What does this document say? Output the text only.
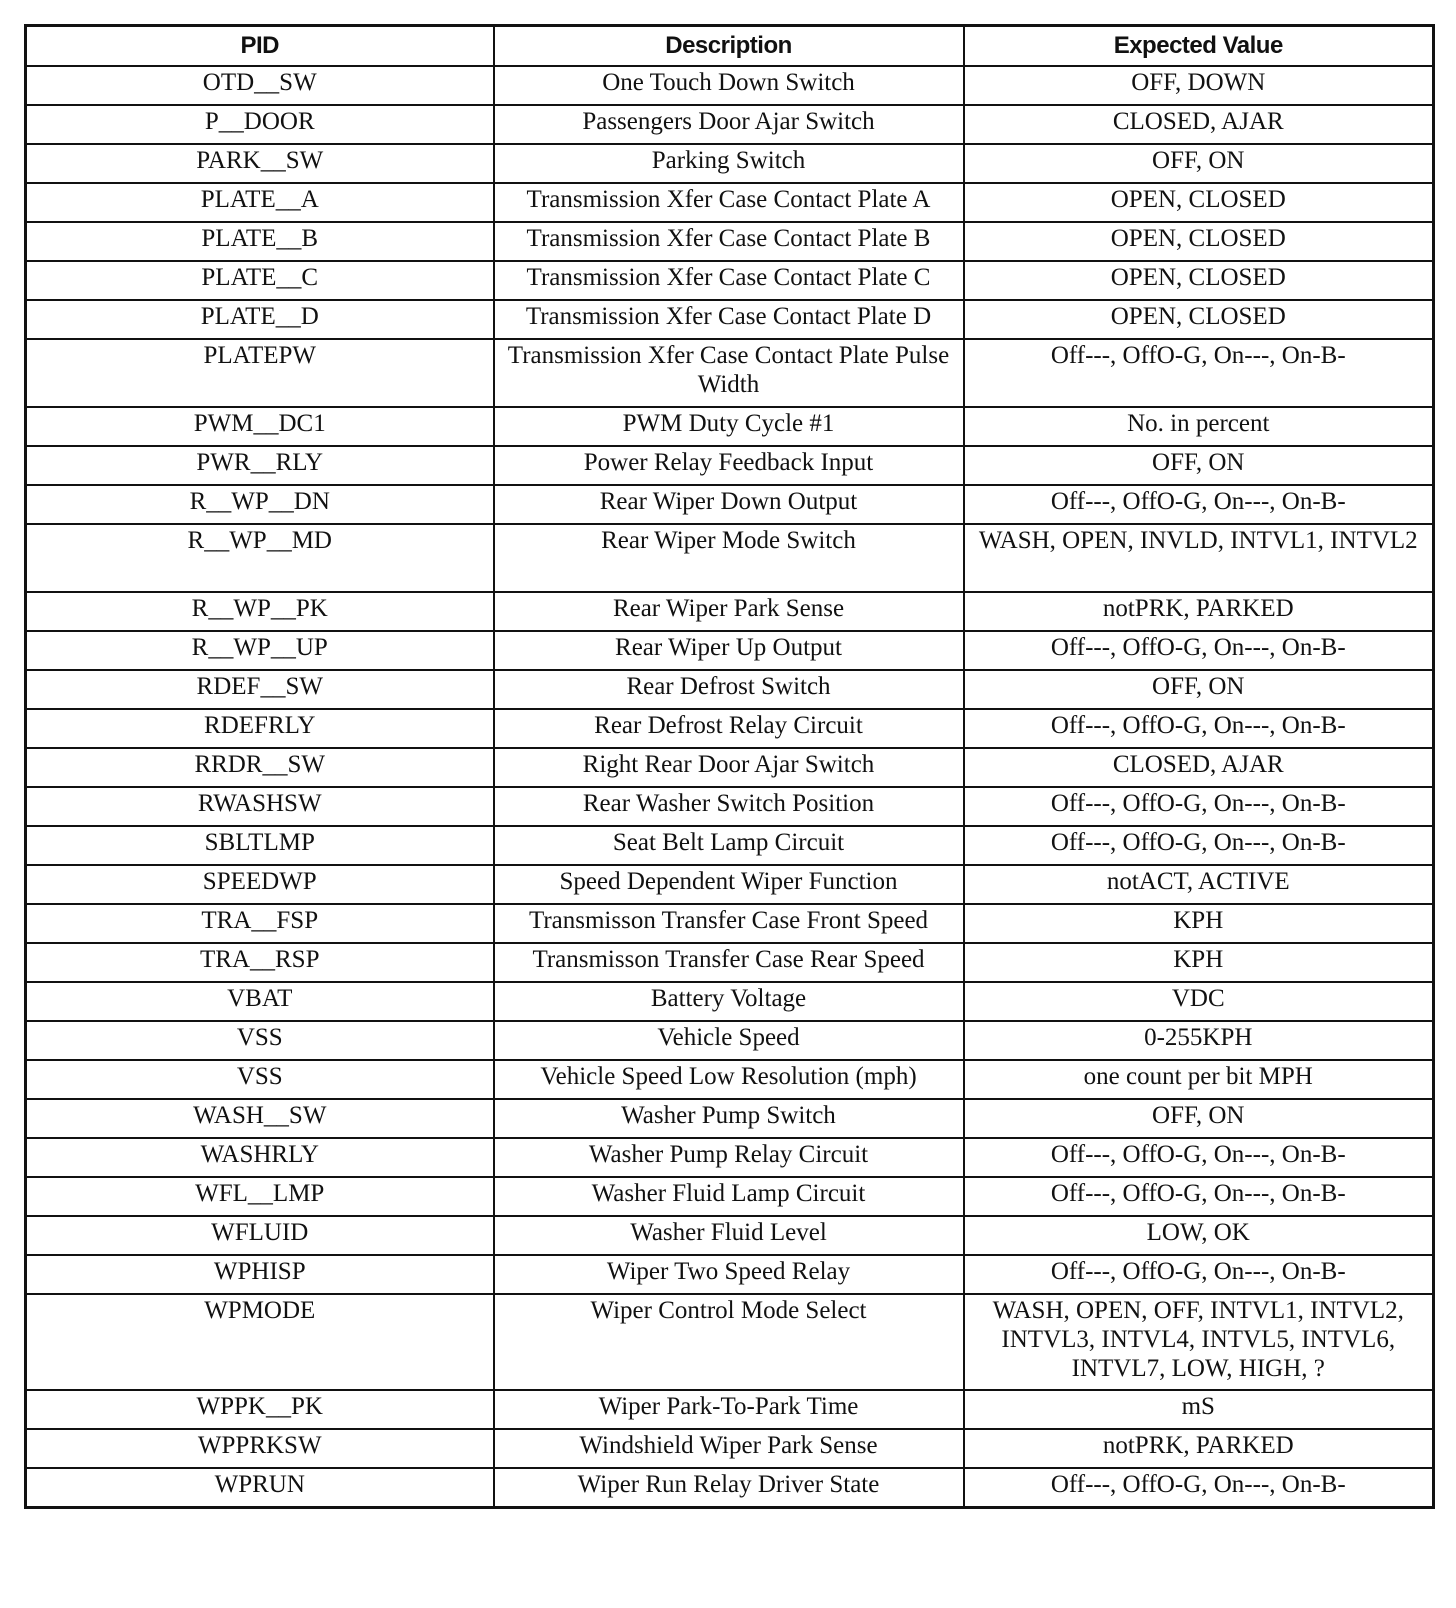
PID	Description	Expected Value
OTD__SW	One Touch Down Switch	OFF, DOWN
P__DOOR	Passengers Door Ajar Switch	CLOSED, AJAR
PARK__SW	Parking Switch	OFF, ON
PLATE__A	Transmission Xfer Case Contact Plate A	OPEN, CLOSED
PLATE__B	Transmission Xfer Case Contact Plate B	OPEN, CLOSED
PLATE__C	Transmission Xfer Case Contact Plate C	OPEN, CLOSED
PLATE__D	Transmission Xfer Case Contact Plate D	OPEN, CLOSED
PLATEPW	Transmission Xfer Case Contact Plate Pulse Width	Off---, OffO-G, On---, On-B-
PWM__DC1	PWM Duty Cycle #1	No. in percent
PWR__RLY	Power Relay Feedback Input	OFF, ON
R__WP__DN	Rear Wiper Down Output	Off---, OffO-G, On---, On-B-
R__WP__MD	Rear Wiper Mode Switch	WASH, OPEN, INVLD, INTVL1, INTVL2
R__WP__PK	Rear Wiper Park Sense	notPRK, PARKED
R__WP__UP	Rear Wiper Up Output	Off---, OffO-G, On---, On-B-
RDEF__SW	Rear Defrost Switch	OFF, ON
RDEFRLY	Rear Defrost Relay Circuit	Off---, OffO-G, On---, On-B-
RRDR__SW	Right Rear Door Ajar Switch	CLOSED, AJAR
RWASHSW	Rear Washer Switch Position	Off---, OffO-G, On---, On-B-
SBLTLMP	Seat Belt Lamp Circuit	Off---, OffO-G, On---, On-B-
SPEEDWP	Speed Dependent Wiper Function	notACT, ACTIVE
TRA__FSP	Transmisson Transfer Case Front Speed	KPH
TRA__RSP	Transmisson Transfer Case Rear Speed	KPH
VBAT	Battery Voltage	VDC
VSS	Vehicle Speed	0-255KPH
VSS	Vehicle Speed Low Resolution (mph)	one count per bit MPH
WASH__SW	Washer Pump Switch	OFF, ON
WASHRLY	Washer Pump Relay Circuit	Off---, OffO-G, On---, On-B-
WFL__LMP	Washer Fluid Lamp Circuit	Off---, OffO-G, On---, On-B-
WFLUID	Washer Fluid Level	LOW, OK
WPHISP	Wiper Two Speed Relay	Off---, OffO-G, On---, On-B-
WPMODE	Wiper Control Mode Select	WASH, OPEN, OFF, INTVL1, INTVL2, INTVL3, INTVL4, INTVL5, INTVL6, INTVL7, LOW, HIGH, ?
WPPK__PK	Wiper Park-To-Park Time	mS
WPPRKSW	Windshield Wiper Park Sense	notPRK, PARKED
WPRUN	Wiper Run Relay Driver State	Off---, OffO-G, On---, On-B-
